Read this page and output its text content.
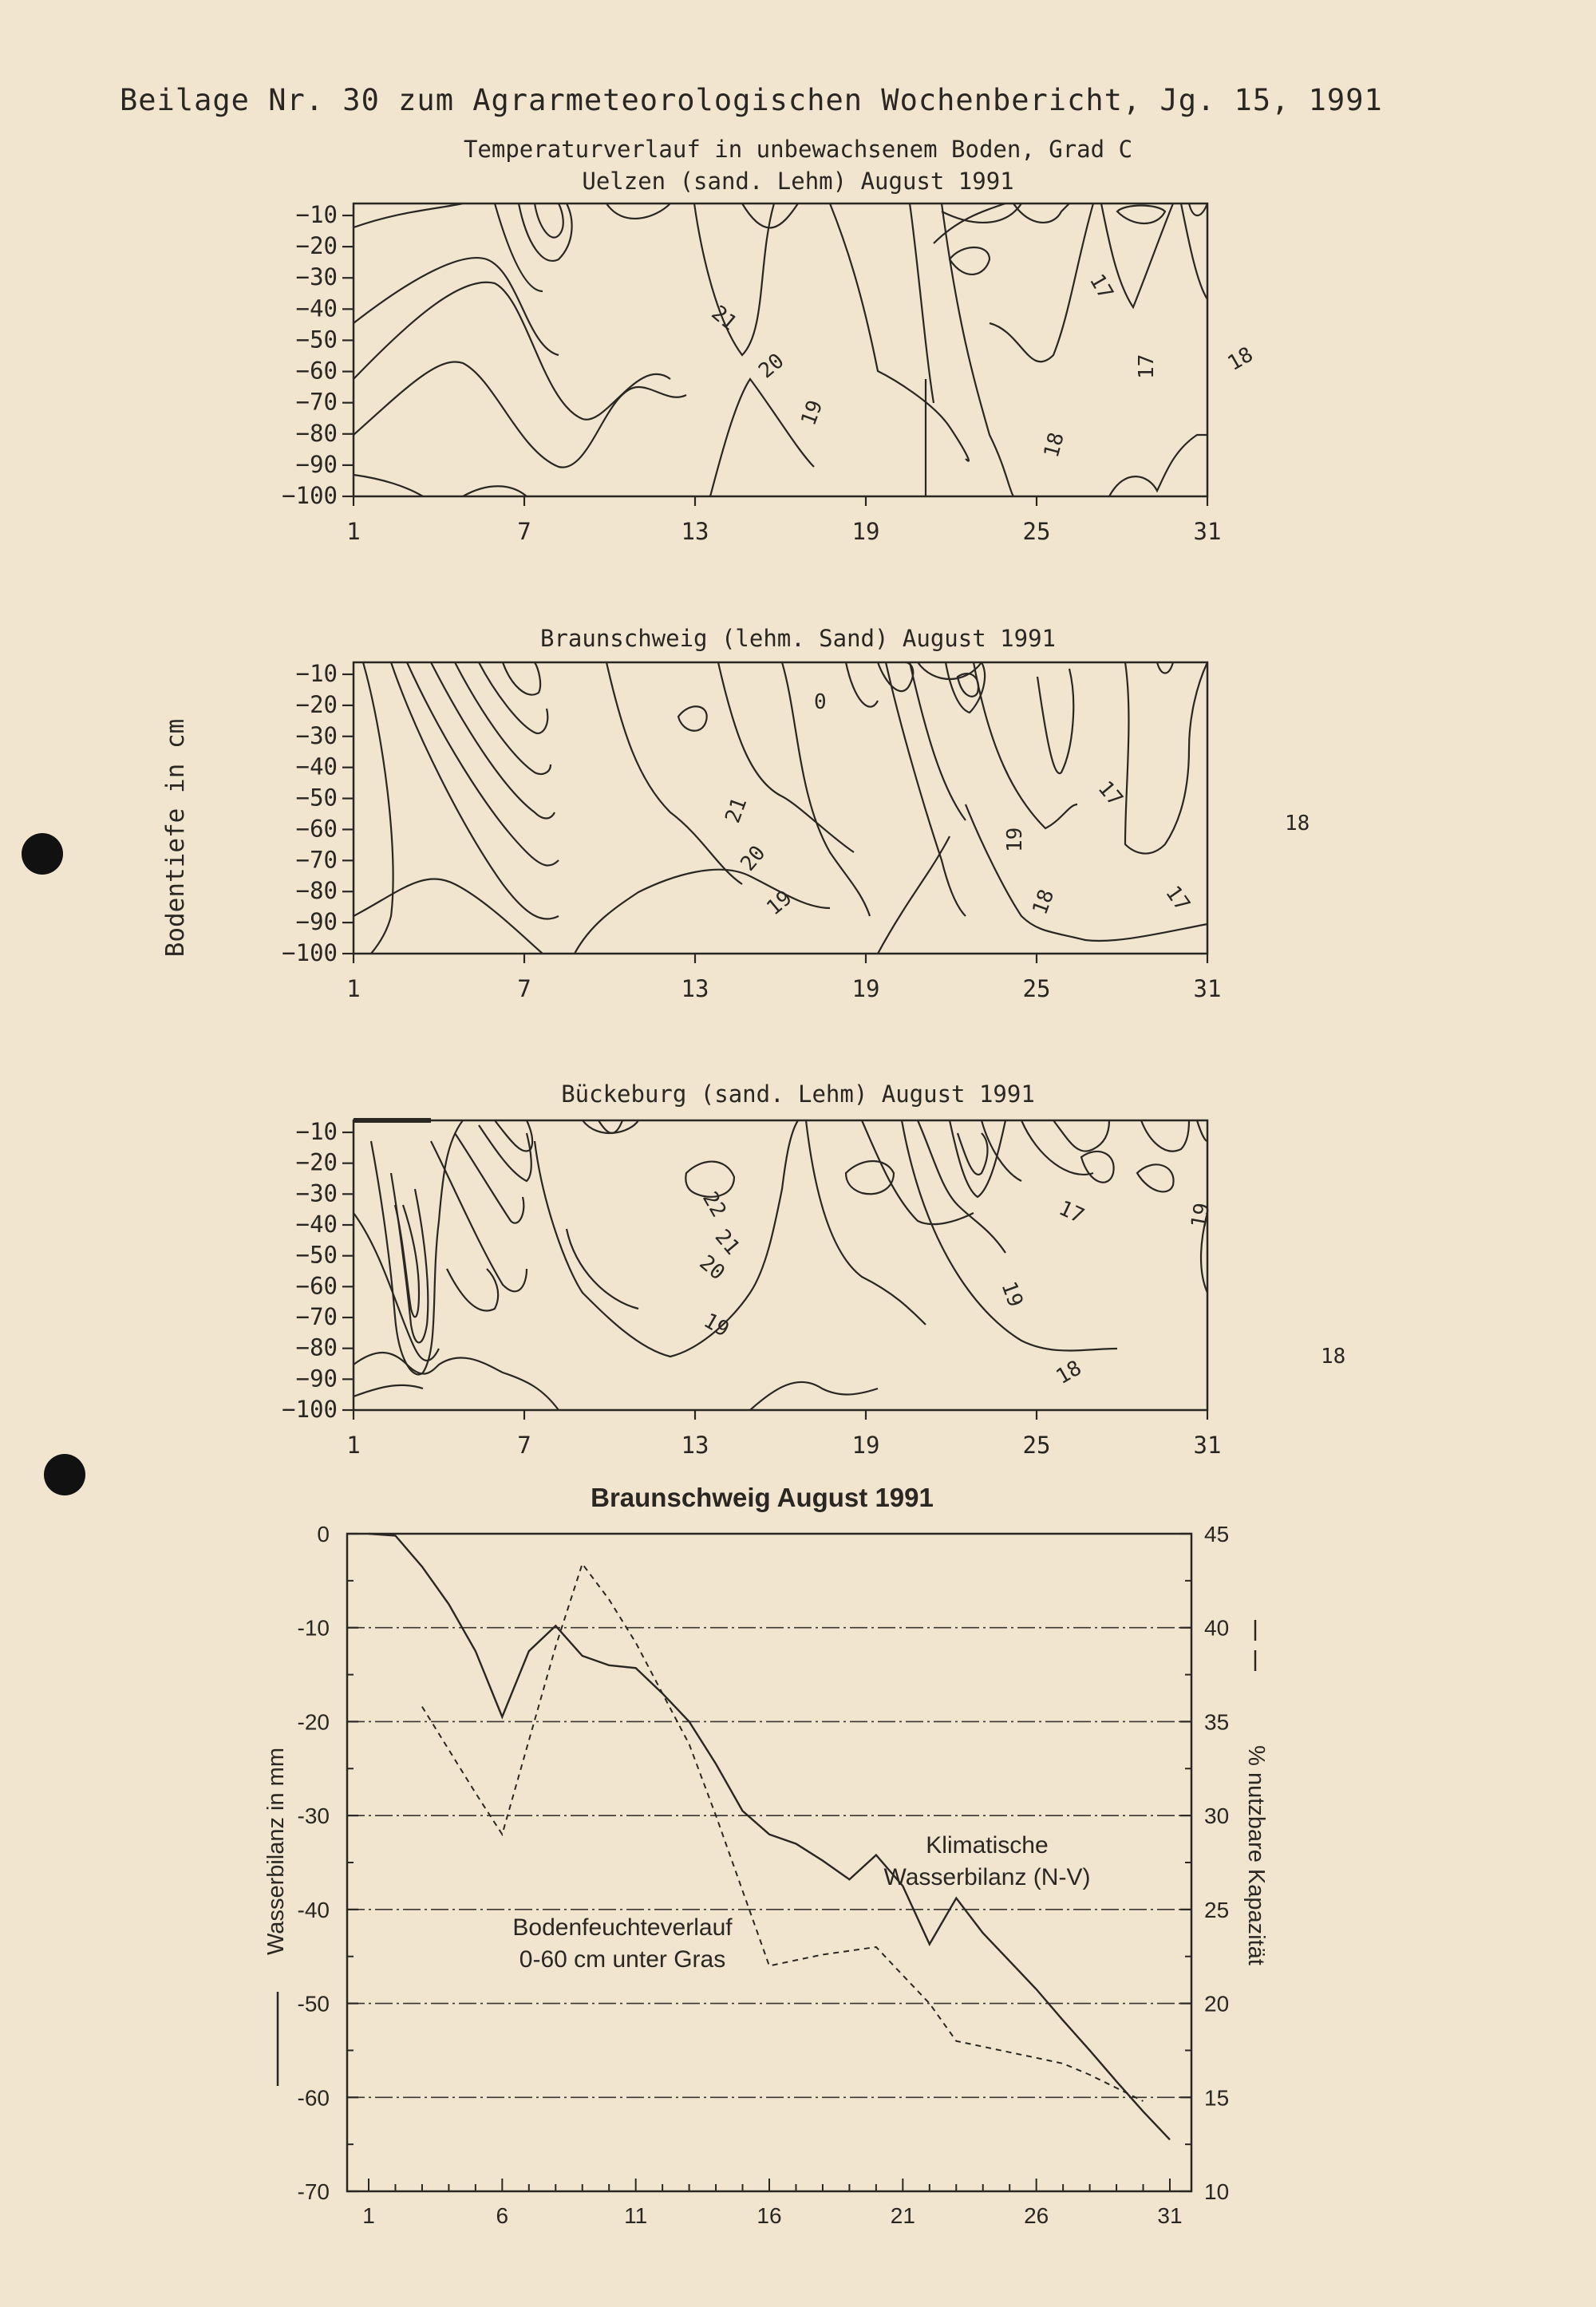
Beilage Nr. 30 zum Agrarmeteorologischen Wochenbericht, Jg. 15, 1991
Temperaturverlauf in unbewachsenem Boden, Grad C
Uelzen (sand. Lehm) August 1991
Braunschweig (lehm. Sand) August 1991
Bückeburg (sand. Lehm) August 1991
Bodentiefe in cm
21
20
19
18
17
17	18
−10
−20
−30
−40
−50
−60
−70
−80
−90
−100
1	7	13	19	25	31
21
20
19
19
18
17
17
18
0
−10
−20
−30
−40
−50
−60
−70
−80
−90
−100
1	7	13	19	25	31
22
21
20
19
19
18
17	19
18
−10
−20
−30
−40
−50
−60
−70
−80
−90
−100
1	7	13	19	25	31
Braunschweig August 1991
0
-10
-20
-30
-40
-50
-60
-70
45
40
35
30
25
20
15
10
1	6	11	16	21	26	31
Wasserbilanz in mm	% nutzbare Kapazität
Klimatische
Wasserbilanz (N-V)
Bodenfeuchteverlauf
0-60 cm unter Gras
